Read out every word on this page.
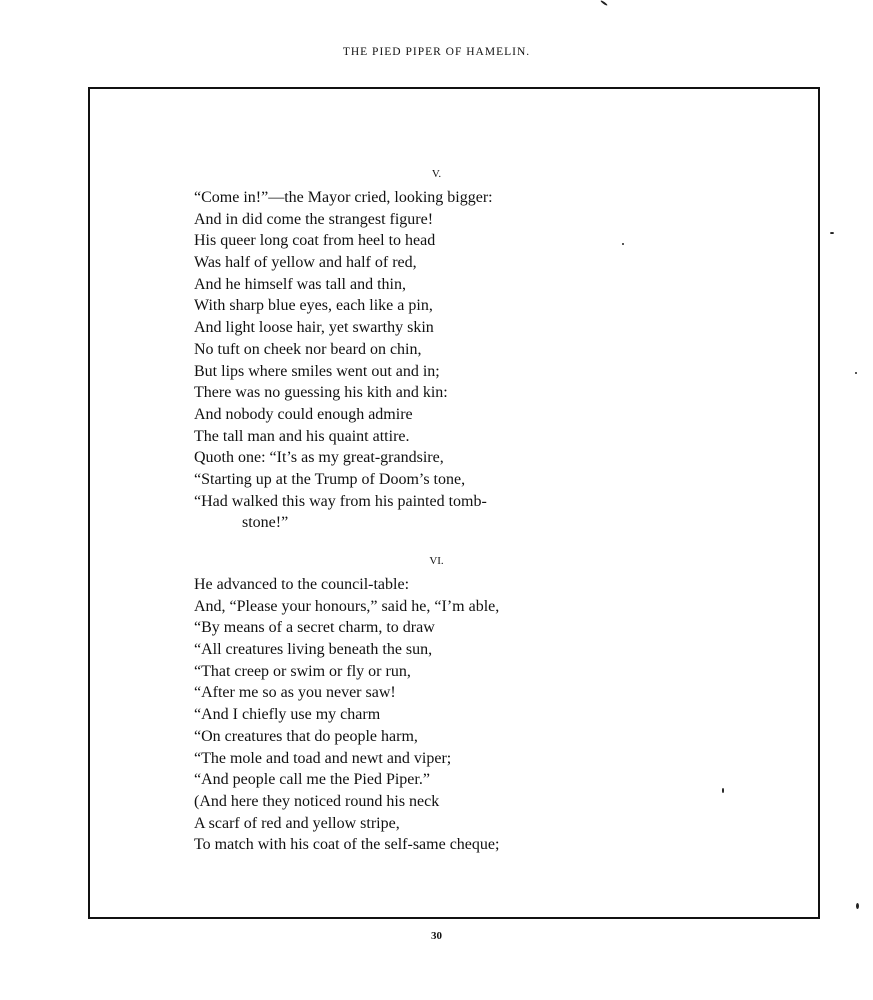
THE PIED PIPER OF HAMELIN.
V.
“Come in!”—the Mayor cried, looking bigger:
And in did come the strangest figure!
His queer long coat from heel to head
Was half of yellow and half of red,
And he himself was tall and thin,
With sharp blue eyes, each like a pin,
And light loose hair, yet swarthy skin
No tuft on cheek nor beard on chin,
But lips where smiles went out and in;
There was no guessing his kith and kin:
And nobody could enough admire
The tall man and his quaint attire.
Quoth one: “It’s as my great-grandsire,
“Starting up at the Trump of Doom’s tone,
“Had walked this way from his painted tomb-
stone!”
VI.
He advanced to the council-table:
And, “Please your honours,” said he, “I’m able,
“By means of a secret charm, to draw
“All creatures living beneath the sun,
“That creep or swim or fly or run,
“After me so as you never saw!
“And I chiefly use my charm
“On creatures that do people harm,
“The mole and toad and newt and viper;
“And people call me the Pied Piper.”
(And here they noticed round his neck
A scarf of red and yellow stripe,
To match with his coat of the self-same cheque;
30
